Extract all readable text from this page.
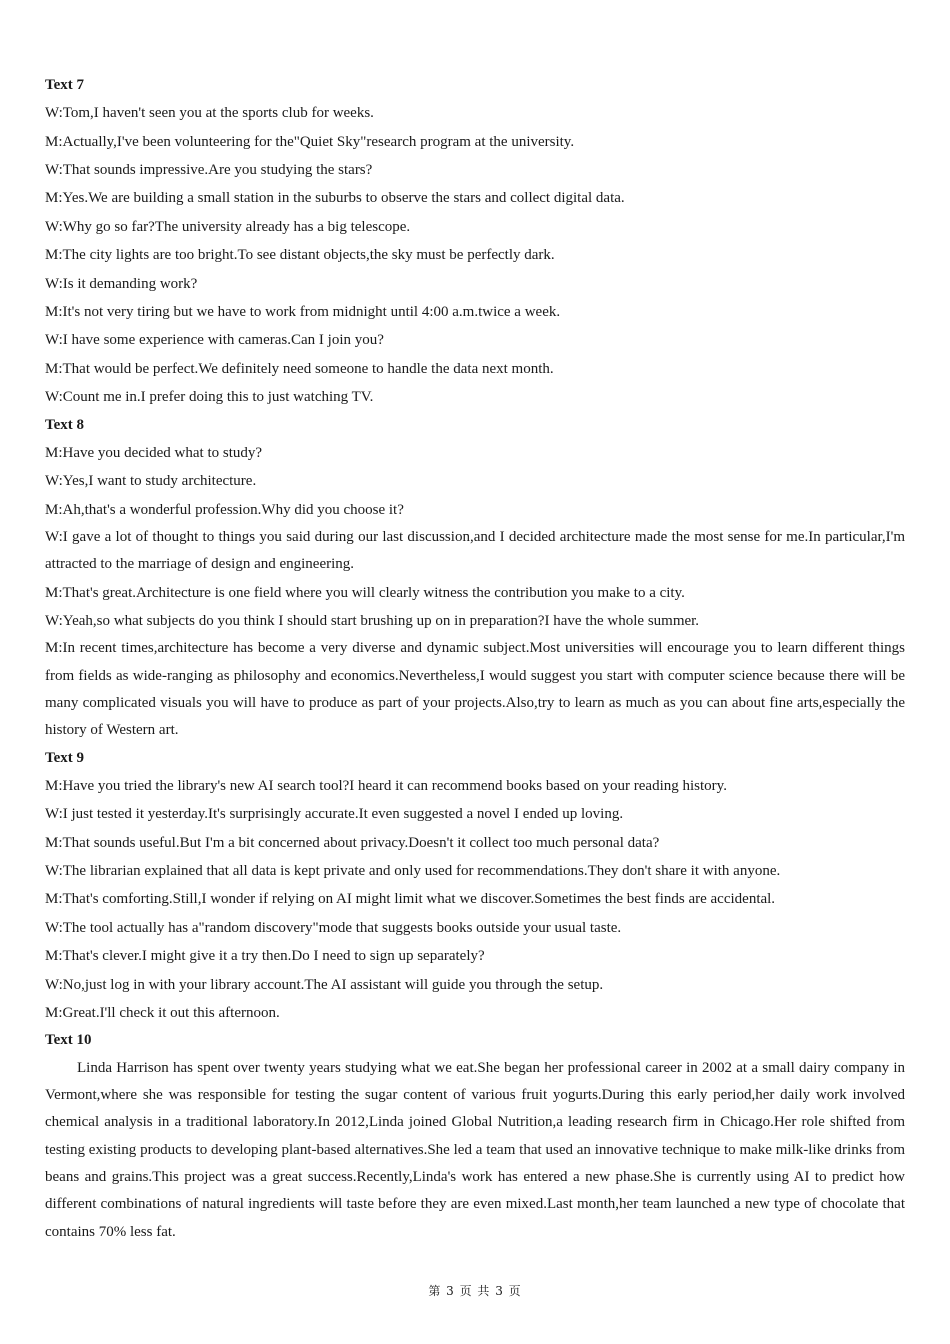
Text 7
W:Tom,I haven't seen you at the sports club for weeks.
M:Actually,I've been volunteering for the"Quiet Sky"research program at the university.
W:That sounds impressive.Are you studying the stars?
M:Yes.We are building a small station in the suburbs to observe the stars and collect digital data.
W:Why go so far?The university already has a big telescope.
M:The city lights are too bright.To see distant objects,the sky must be perfectly dark.
W:Is it demanding work?
M:It's not very tiring but we have to work from midnight until 4:00 a.m.twice a week.
W:I have some experience with cameras.Can I join you?
M:That would be perfect.We definitely need someone to handle the data next month.
W:Count me in.I prefer doing this to just watching TV.
Text 8
M:Have you decided what to study?
W:Yes,I want to study architecture.
M:Ah,that's a wonderful profession.Why did you choose it?

W:I gave a lot of thought to things you said during our last discussion,and I decided architecture made the most sense for me.In particular,I'm attracted to the marriage of design and engineering.

M:That's great.Architecture is one field where you will clearly witness the contribution you make to a city.
W:Yeah,so what subjects do you think I should start brushing up on in preparation?I have the whole summer.

M:In recent times,architecture has become a very diverse and dynamic subject.Most universities will encourage you to learn different things from fields as wide-ranging as philosophy and economics.Nevertheless,I would suggest you start with computer science because there will be many complicated visuals you will have to produce as part of your projects.Also,try to learn as much as you can about fine arts,especially the history of Western art.

Text 9
M:Have you tried the library's new AI search tool?I heard it can recommend books based on your reading history.
W:I just tested it yesterday.It's surprisingly accurate.It even suggested a novel I ended up loving.
M:That sounds useful.But I'm a bit concerned about privacy.Doesn't it collect too much personal data?
W:The librarian explained that all data is kept private and only used for recommendations.They don't share it with anyone.
M:That's comforting.Still,I wonder if relying on AI might limit what we discover.Sometimes the best finds are accidental.
W:The tool actually has a"random discovery"mode that suggests books outside your usual taste.
M:That's clever.I might give it a try then.Do I need to sign up separately?
W:No,just log in with your library account.The AI assistant will guide you through the setup.
M:Great.I'll check it out this afternoon.
Text 10

Linda Harrison has spent over twenty years studying what we eat.She began her professional career in 2002 at a small dairy company in Vermont,where she was responsible for testing the sugar content of various fruit yogurts.During this early period,her daily work involved chemical analysis in a traditional laboratory.In 2012,Linda joined Global Nutrition,a leading research firm in Chicago.Her role shifted from testing existing products to developing plant-based alternatives.She led a team that used an innovative technique to make milk-like drinks from beans and grains.This project was a great success.Recently,Linda's work has entered a new phase.She is currently using AI to predict how different combinations of natural ingredients will taste before they are even mixed.Last month,her team launched a new type of chocolate that contains 70% less fat.

第 3 页 共 3 页
